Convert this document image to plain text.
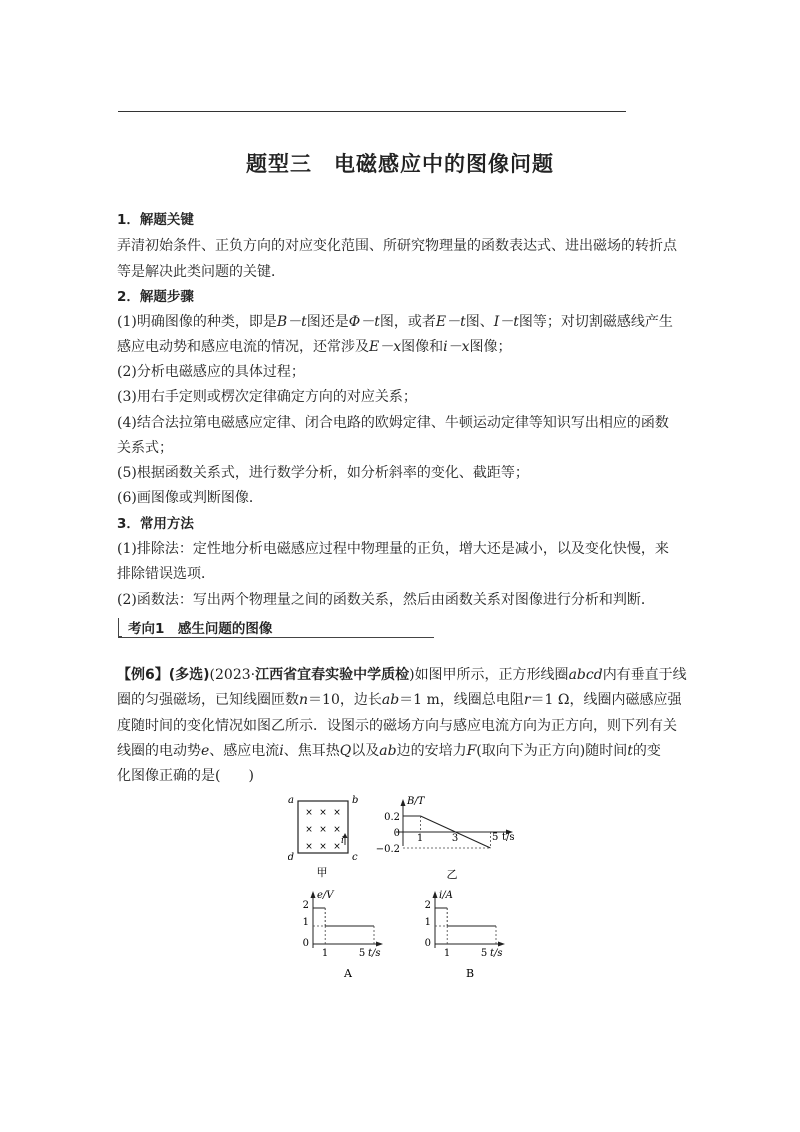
题型三 电磁感应中的图像问题
1．解题关键
弄清初始条件、正负方向的对应变化范围、所研究物理量的函数表达式、进出磁场的转折点
等是解决此类问题的关键．
2．解题步骤
(1)明确图像的种类，即是B－t图还是Φ－t图，或者E－t图、I－t图等；对切割磁感线产生
感应电动势和感应电流的情况，还常涉及E－x图像和i－x图像；
(2)分析电磁感应的具体过程；
(3)用右手定则或楞次定律确定方向的对应关系；
(4)结合法拉第电磁感应定律、闭合电路的欧姆定律、牛顿运动定律等知识写出相应的函数
关系式；
(5)根据函数关系式，进行数学分析，如分析斜率的变化、截距等；
(6)画图像或判断图像．
3．常用方法
(1)排除法：定性地分析电磁感应过程中物理量的正负，增大还是减小，以及变化快慢，来
排除错误选项．
(2)函数法：写出两个物理量之间的函数关系，然后由函数关系对图像进行分析和判断．
考向1　感生问题的图像
【例6】(多选)(2023·江西省宜春实验中学质检)如图甲所示，正方形线圈abcd内有垂直于线
圈的匀强磁场，已知线圈匝数n＝10，边长ab＝1 m，线圈总电阻r＝1 Ω，线圈内磁感应强
度随时间的变化情况如图乙所示．设图示的磁场方向与感应电流方向为正方向，则下列有关
线圈的电动势e、感应电流i、焦耳热Q以及ab边的安培力F(取向下为正方向)随时间t的变
化图像正确的是(　　)
a	b
c
d
× × ×
× × ×
× × ×
i
甲
B/T
t/s
0.2
0
−0.2
1	3	5
乙
e/V
t/s
2
1
0
1	5
A
i/A
t/s
2
1
0
1	5
B
